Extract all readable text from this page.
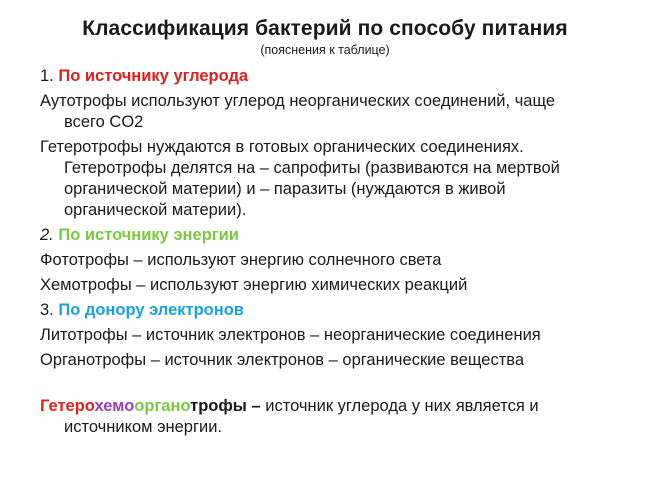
Классификация бактерий по способу питания
(пояснения к таблице)
1. По источнику углерода
Аутотрофы используют углерод неорганических соединений, чаще
всего CO2
Гетеротрофы нуждаются в готовых органических соединениях.
Гетеротрофы делятся на – сапрофиты (развиваются на мертвой
органической материи) и – паразиты (нуждаются в живой
органической материи).
2. По источнику энергии
Фототрофы – используют энергию солнечного света
Хемотрофы – используют энергию химических реакций
3. По донору электронов
Литотрофы – источник электронов – неорганические соединения
Органотрофы – источник электронов – органические вещества
Гетерохемоорганотрофы – источник углерода у них является и
источником энергии.
